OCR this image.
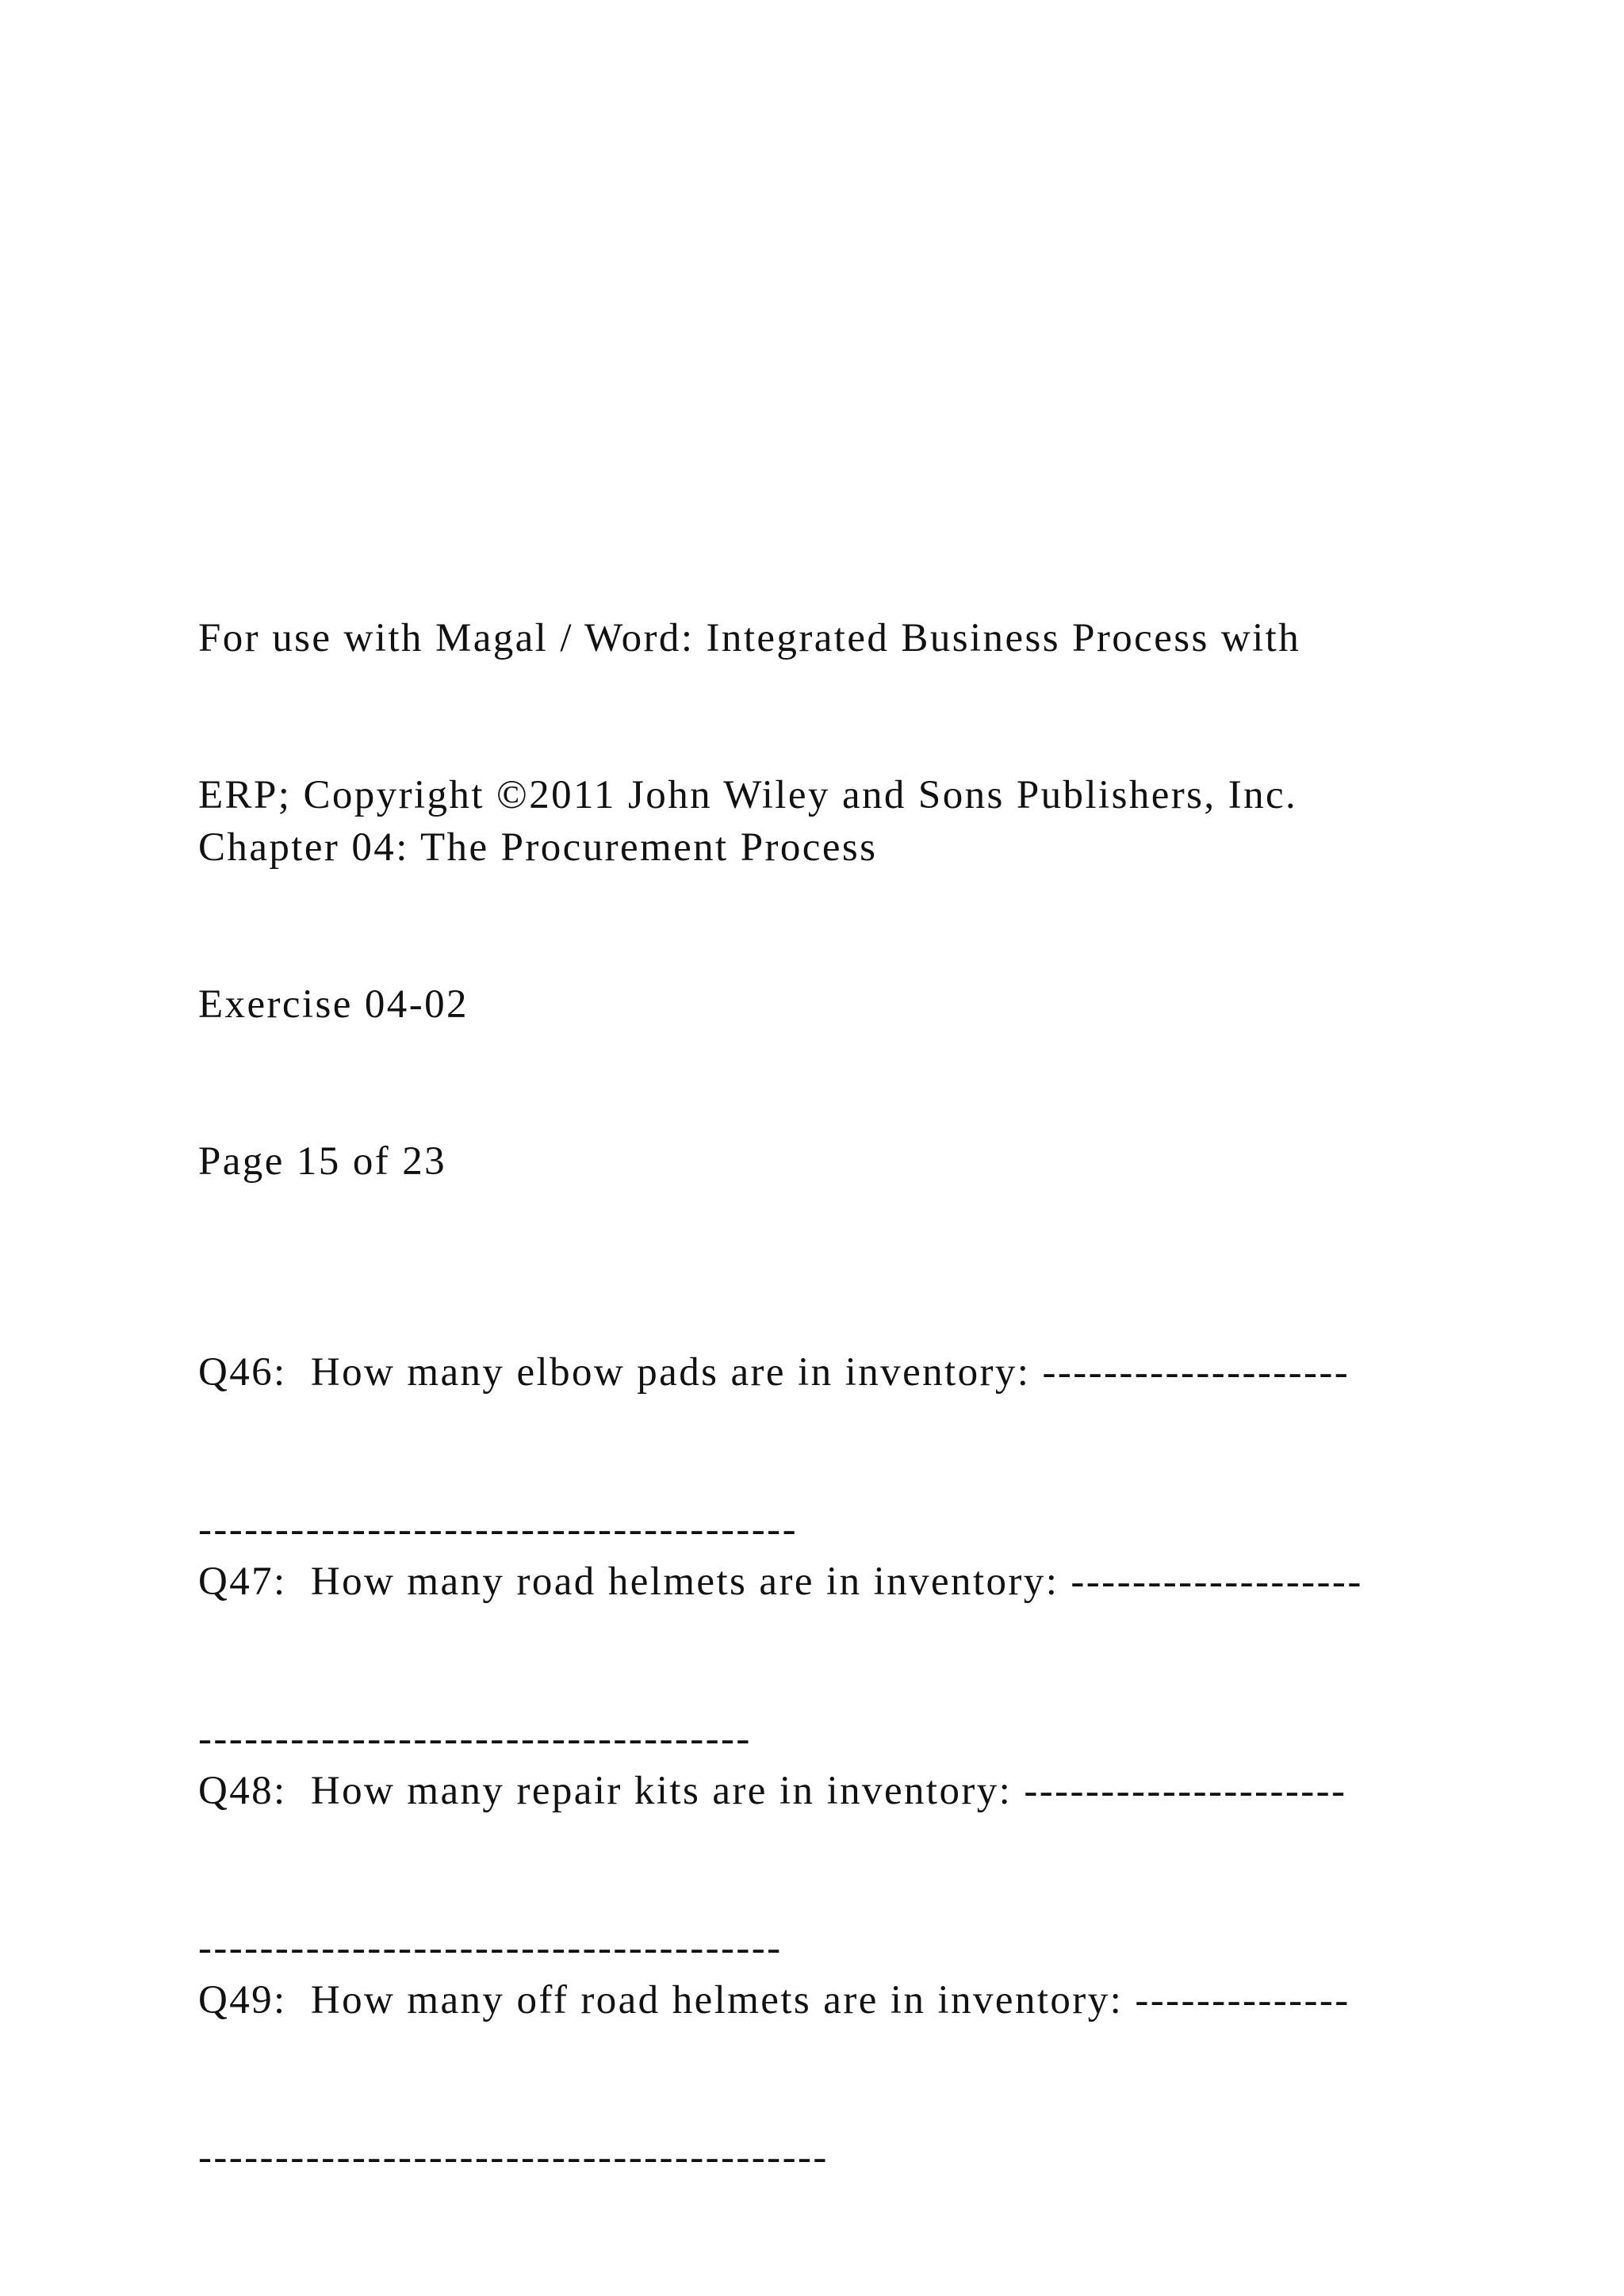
For use with Magal / Word: Integrated Business Process with

ERP; Copyright ©2011 John Wiley and Sons Publishers, Inc.

Chapter 04: The Procurement Process

Exercise 04-02

Page 15 of 23

Q46:  How many elbow pads are in inventory: --------------------

---------------------------------------

Q47:  How many road helmets are in inventory: -------------------

------------------------------------

Q48:  How many repair kits are in inventory: ---------------------

--------------------------------------

Q49:  How many off road helmets are in inventory: --------------

-----------------------------------------
